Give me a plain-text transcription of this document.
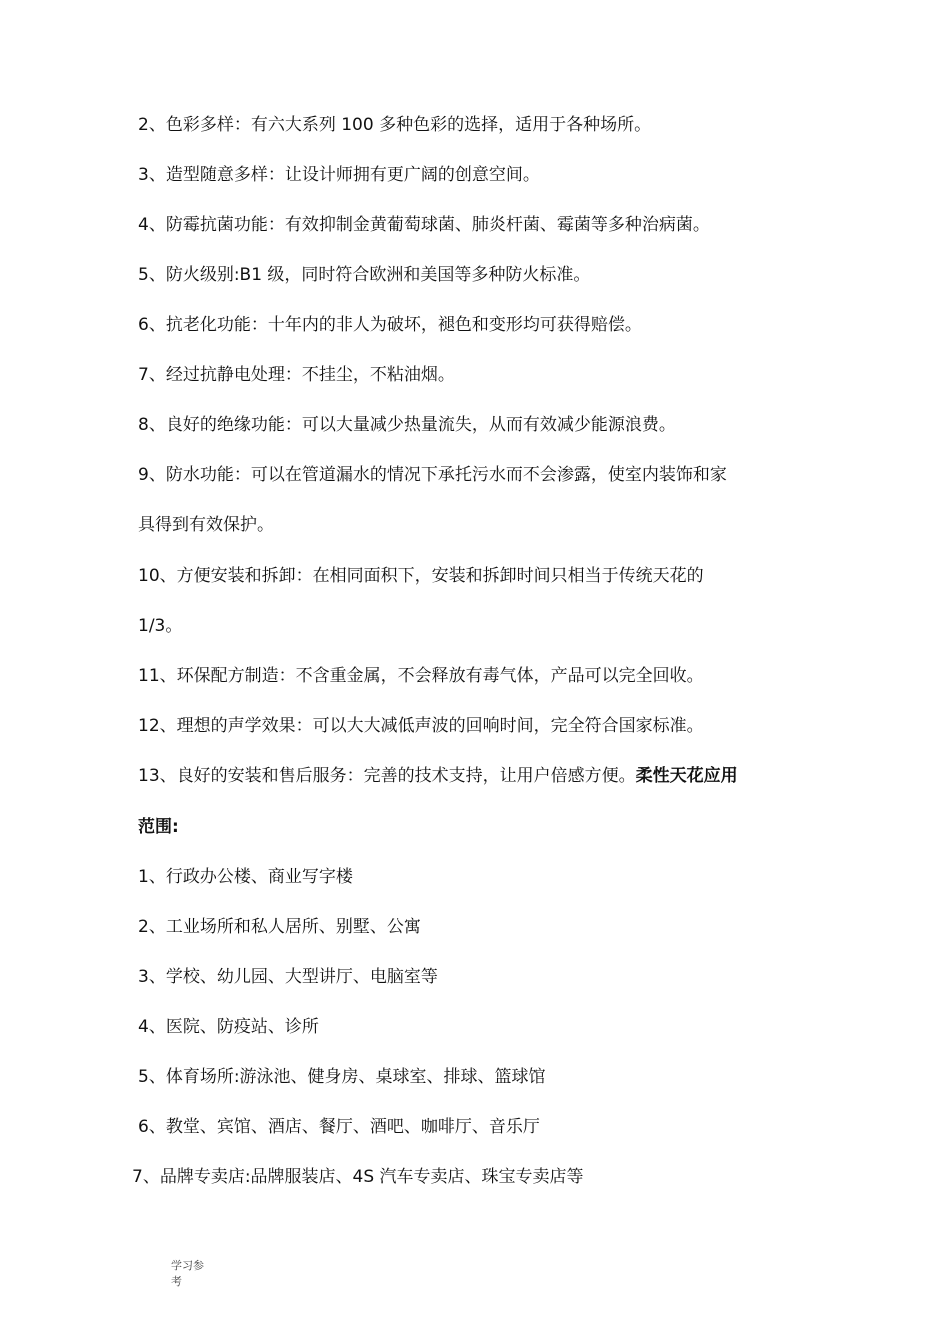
2、色彩多样：有六大系列 100 多种色彩的选择，适用于各种场所。

3、造型随意多样：让设计师拥有更广阔的创意空间。

4、防霉抗菌功能：有效抑制金黄葡萄球菌、肺炎杆菌、霉菌等多种治病菌。

5、防火级别:B1 级，同时符合欧洲和美国等多种防火标准。

6、抗老化功能：十年内的非人为破坏，褪色和变形均可获得赔偿。

7、经过抗静电处理：不挂尘，不粘油烟。

8、良好的绝缘功能：可以大量减少热量流失，从而有效减少能源浪费。

9、防水功能：可以在管道漏水的情况下承托污水而不会渗露，使室内装饰和家

具得到有效保护。

10、方便安装和拆卸：在相同面积下，安装和拆卸时间只相当于传统天花的

1/3。

11、环保配方制造：不含重金属，不会释放有毒气体，产品可以完全回收。

12、理想的声学效果：可以大大减低声波的回响时间，完全符合国家标准。

13、良好的安装和售后服务：完善的技术支持，让用户倍感方便。柔性天花应用

范围:

1、行政办公楼、商业写字楼

2、工业场所和私人居所、别墅、公寓

3、学校、幼儿园、大型讲厅、电脑室等

4、医院、防疫站、诊所

5、体育场所:游泳池、健身房、桌球室、排球、篮球馆

6、教堂、宾馆、酒店、餐厅、酒吧、咖啡厅、音乐厅

7、品牌专卖店:品牌服装店、4S 汽车专卖店、珠宝专卖店等

学习参考
